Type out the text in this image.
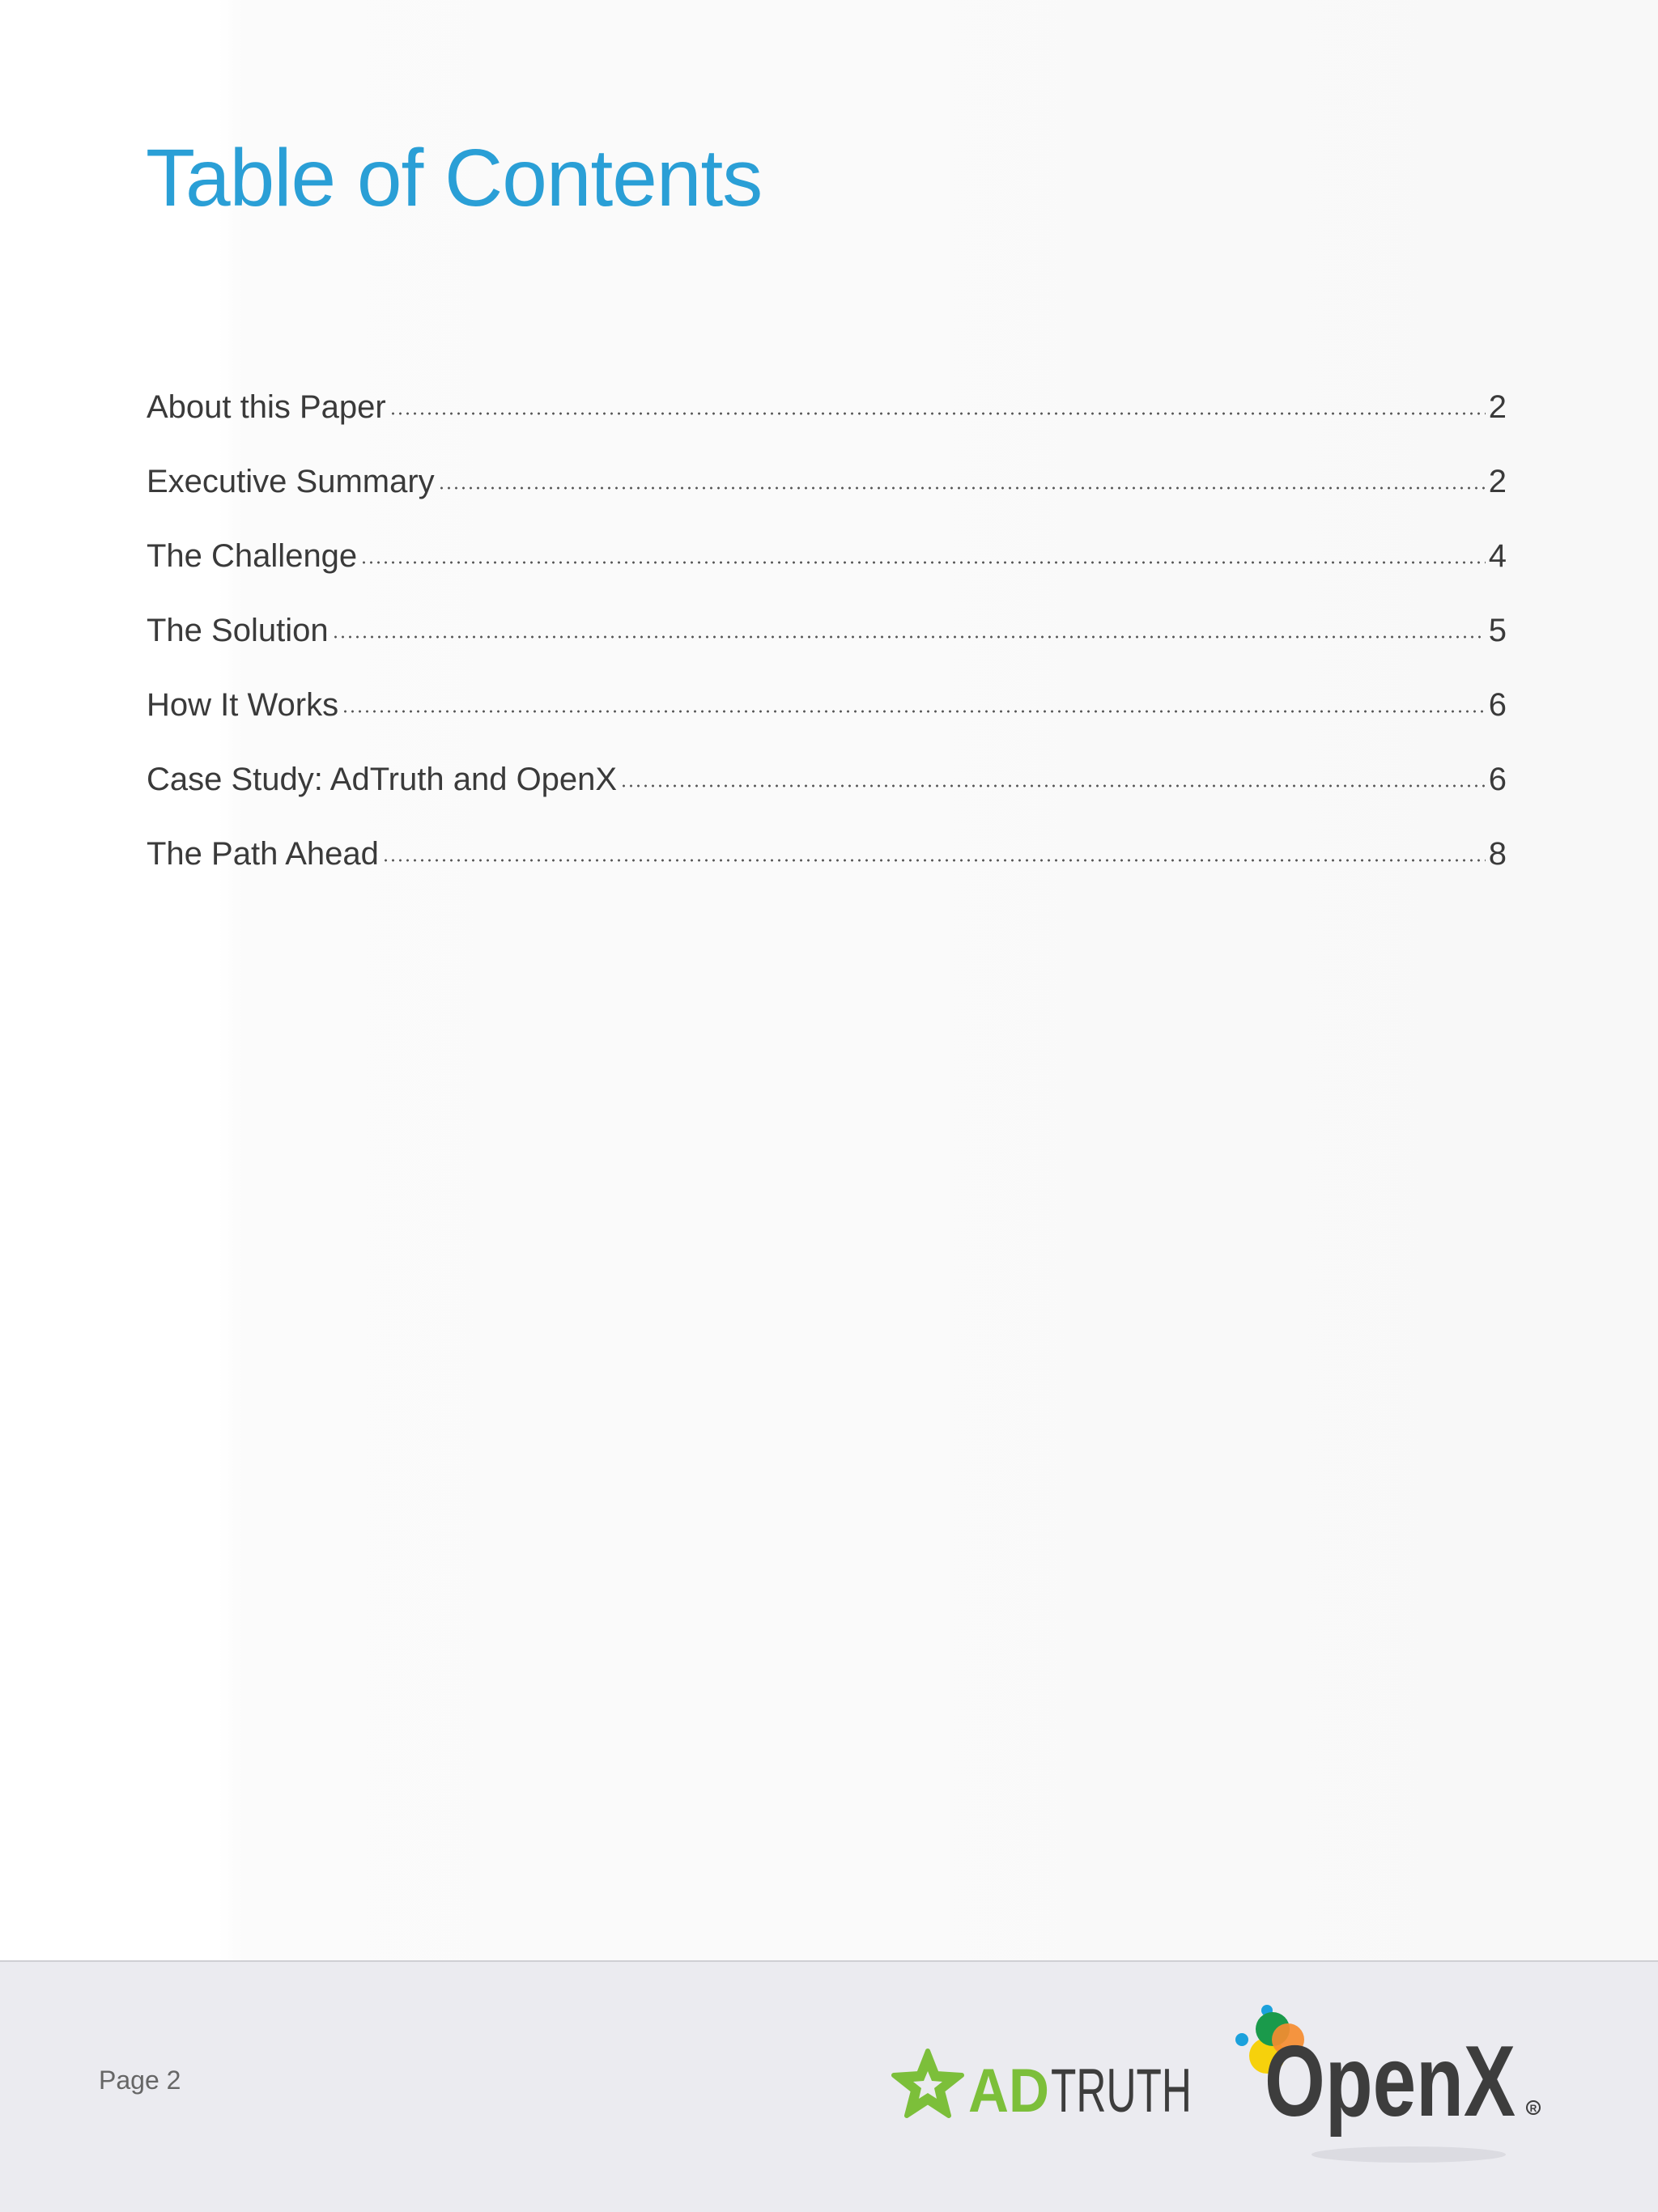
Table of Contents
About this Paper	2
Executive Summary	2
The Challenge	4
The Solution	5
How It Works	6
Case Study: AdTruth and OpenX	6
The Path Ahead	8
Page 2	AD TRUTH OpenX R
